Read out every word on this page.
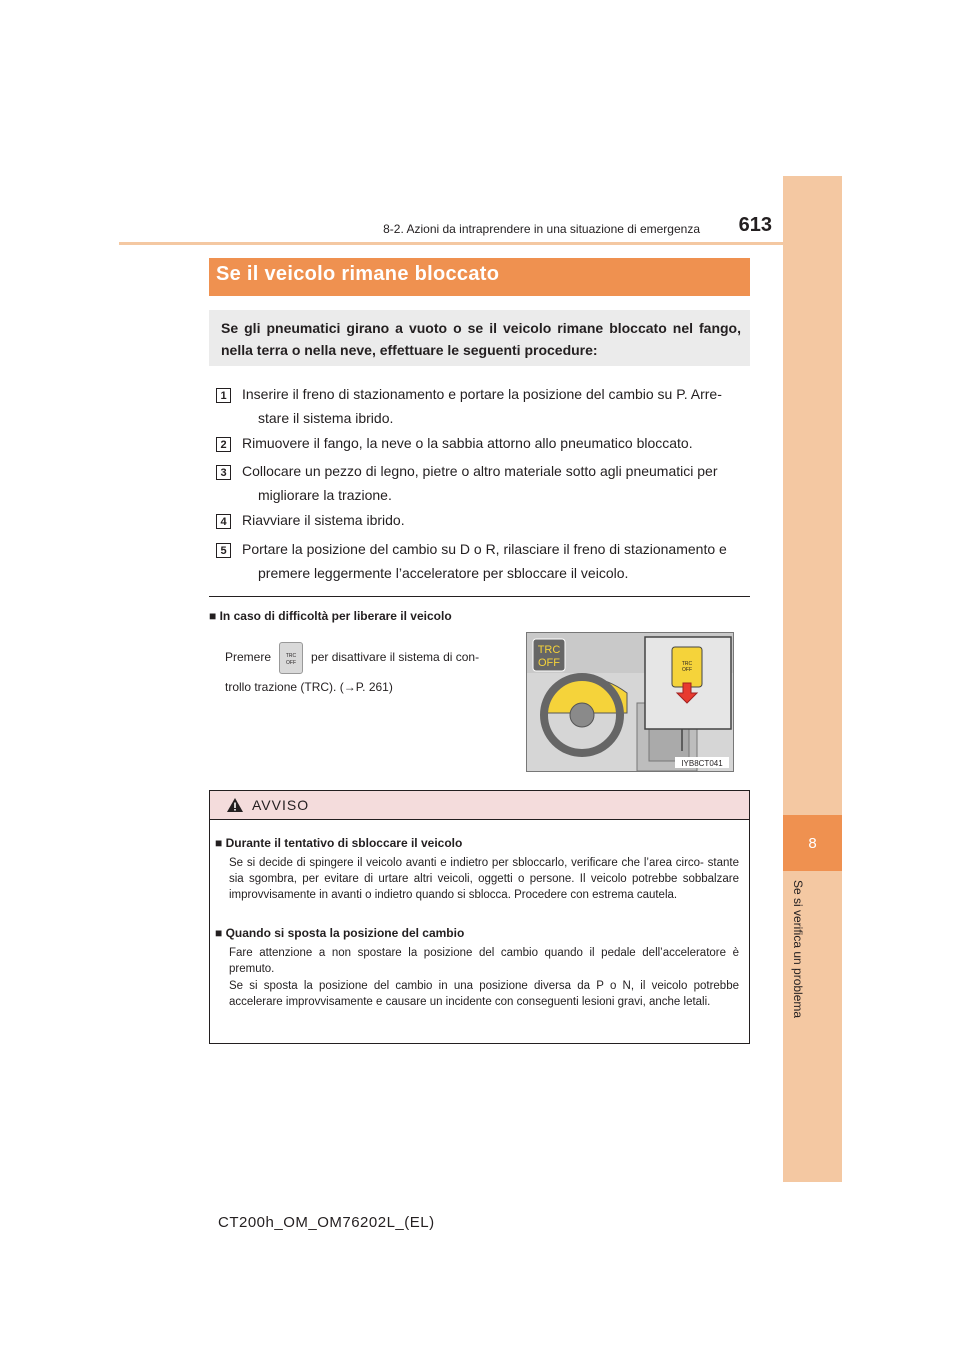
8
Se si verifica un problema
8-2. Azioni da intraprendere in una situazione di emergenza	613
Se il veicolo rimane bloccato
Se gli pneumatici girano a vuoto o se il veicolo rimane bloccato nel fango, nella terra o nella neve, effettuare le seguenti procedure:
1	Inserire il freno di stazionamento e portare la posizione del cambio su P. Arre-
stare il sistema ibrido.
2	Rimuovere il fango, la neve o la sabbia attorno allo pneumatico bloccato.
3	Collocare un pezzo di legno, pietre o altro materiale sotto agli pneumatici per
migliorare la trazione.
4	Riavviare il sistema ibrido.
5	Portare la posizione del cambio su D o R, rilasciare il freno di stazionamento e
premere leggermente l’acceleratore per sbloccare il veicolo.
■ In caso di difficoltà per liberare il veicolo
Premere	TRC
OFF per disattivare il sistema di con-
trollo trazione (TRC). (→P. 261)
TRC
OFF
TRC
OFF
IYB8CT041
AVVISO
■ Durante il tentativo di sbloccare il veicolo
Se si decide di spingere il veicolo avanti e indietro per sbloccarlo, verificare che l’area circo- stante sia sgombra, per evitare di urtare altri veicoli, oggetti o persone. Il veicolo potrebbe sobbalzare improvvisamente in avanti o indietro quando si sblocca. Procedere con estrema cautela.
■ Quando si sposta la posizione del cambio
Fare attenzione a non spostare la posizione del cambio quando il pedale dell’acceleratore è premuto.
Se si sposta la posizione del cambio in una posizione diversa da P o N, il veicolo potrebbe accelerare improvvisamente e causare un incidente con conseguenti lesioni gravi, anche letali.
CT200h_OM_OM76202L_(EL)
